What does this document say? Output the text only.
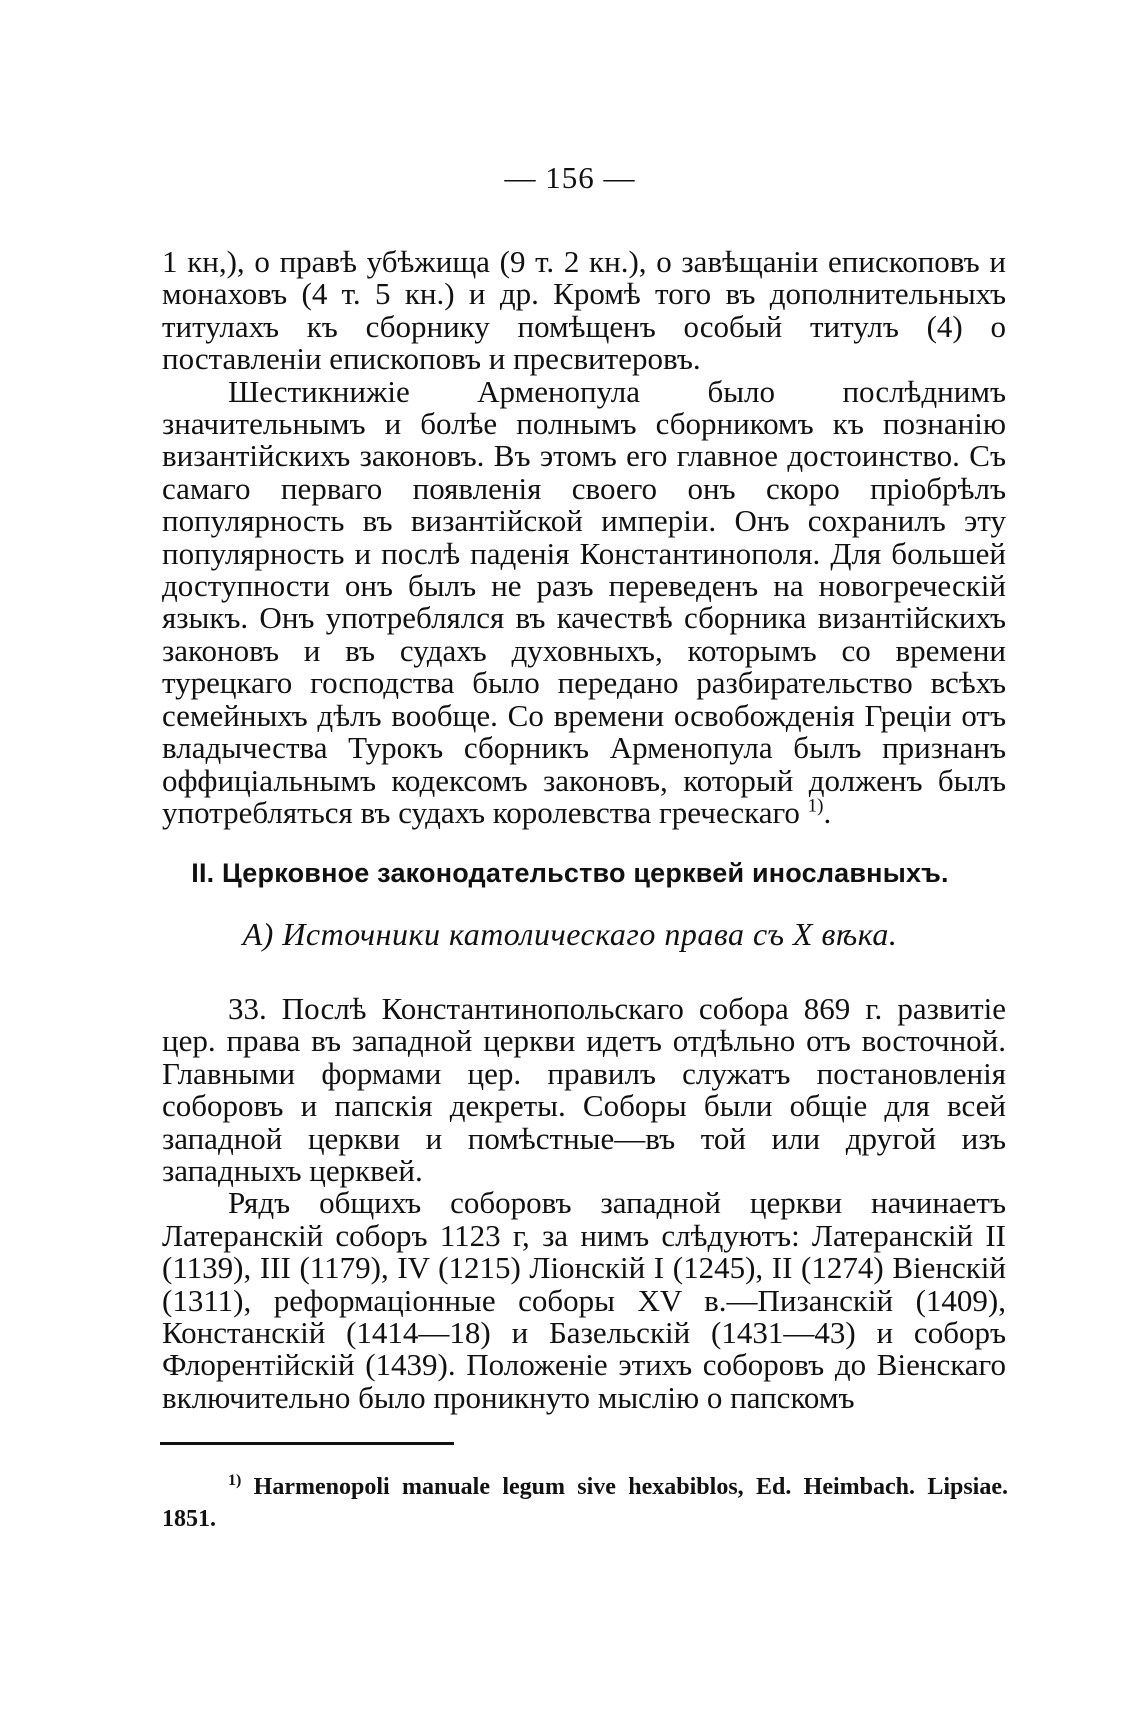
— 156 —

1 кн,), о правѣ убѣжища (9 т. 2 кн.), о завѣщаніи епископовъ и монаховъ (4 т. 5 кн.) и др. Кромѣ того въ дополнительныхъ титулахъ къ сборнику помѣщенъ особый титулъ (4) о поставленіи епископовъ и пресвитеровъ.

Шестикнижіе Арменопула было послѣднимъ значительнымъ и болѣе полнымъ сборникомъ къ познанію византійскихъ законовъ. Въ этомъ его главное достоинство. Съ самаго перваго появленія своего онъ скоро пріобрѣлъ популярность въ византійской имперіи. Онъ сохранилъ эту популярность и послѣ паденія Константинополя. Для большей доступности онъ былъ не разъ переведенъ на новогреческій языкъ. Онъ употреблялся въ качествѣ сборника византійскихъ законовъ и въ судахъ духовныхъ, которымъ со времени турецкаго господства было передано разбирательство всѣхъ семейныхъ дѣлъ вообще. Со времени освобожденія Греціи отъ владычества Турокъ сборникъ Арменопула былъ признанъ оффиціальнымъ кодексомъ законовъ, который долженъ былъ употребляться въ судахъ королевства греческаго $^{1)}$.

II. Церковное законодательство церквей инославныхъ.
А) Источники католическаго права съ X вѣка.

33. Послѣ Константинопольскаго собора 869 г. развитіе цер. права въ западной церкви идетъ отдѣльно отъ восточной. Главными формами цер. правилъ служатъ постановленія соборовъ и папскія декреты. Соборы были общіе для всей западной церкви и помѣстные—въ той или другой изъ западныхъ церквей.

Рядъ общихъ соборовъ западной церкви начинаетъ Латеранскій соборъ 1123 г, за нимъ слѣдуютъ: Латеранскій II (1139), III (1179), IV (1215) Ліонскій I (1245), II (1274) Віенскій (1311), реформаціонные соборы XV в.—Пизанскій (1409), Констанскій (1414—18) и Базельскій (1431—43) и соборъ Флорентійскій (1439). Положеніе этихъ соборовъ до Віенскаго включительно было проникнуто мыслію о папскомъ

$^{1)}$ Harmenopoli manuale legum sive hexabiblos, Ed. Heimbach. Lipsiae. 1851.
